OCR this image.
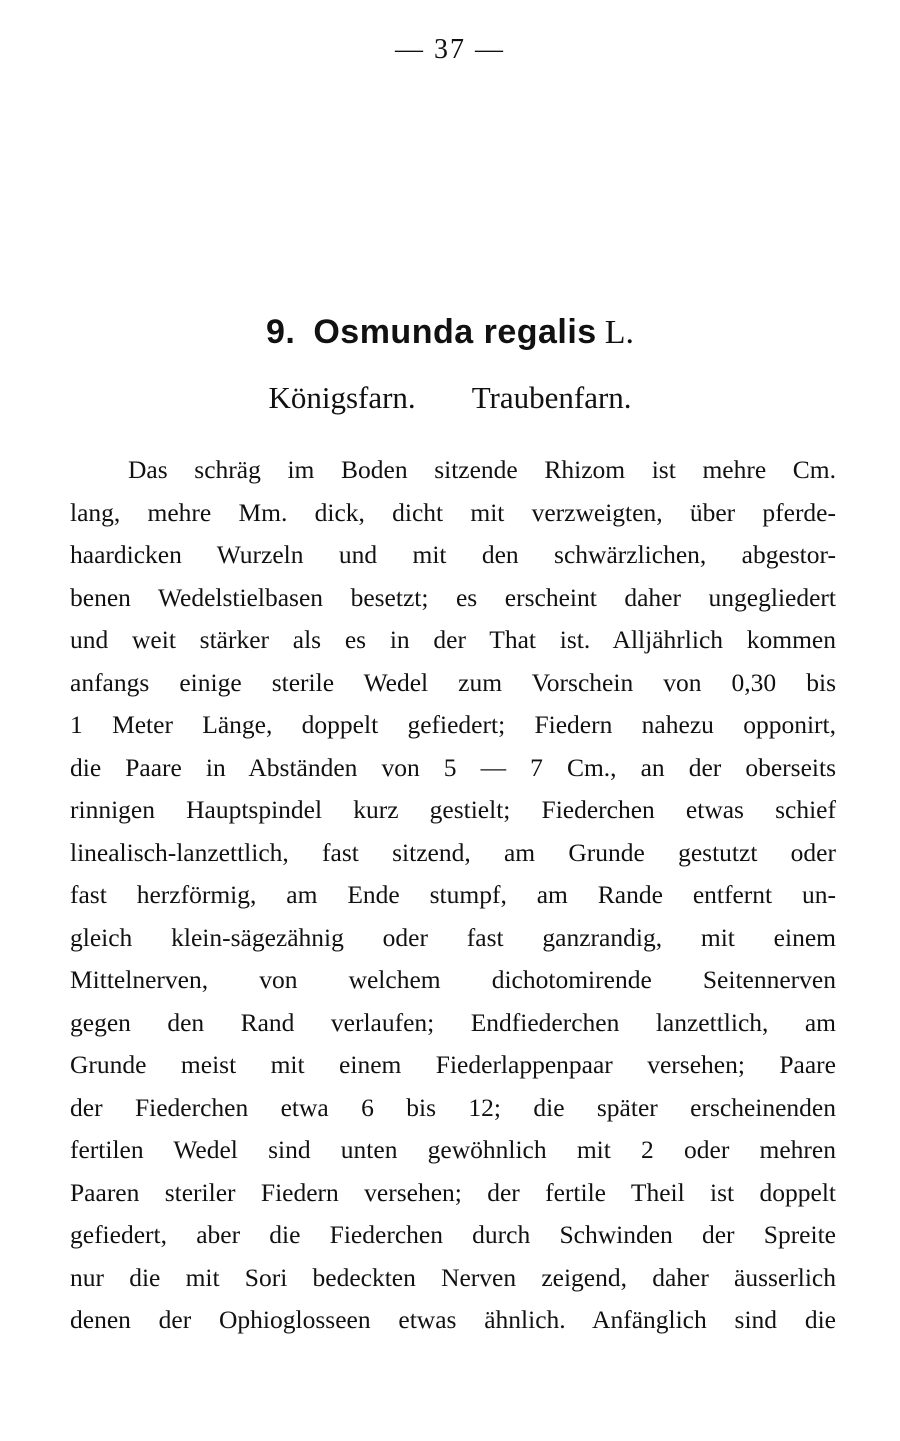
— 37 —
9. Osmunda regalis L.
Königsfarn. Traubenfarn.
Das schräg im Boden sitzende Rhizom ist mehre Cm.
lang, mehre Mm. dick, dicht mit verzweigten, über pferde-
haardicken Wurzeln und mit den schwärzlichen, abgestor-
benen Wedelstielbasen besetzt; es erscheint daher ungegliedert
und weit stärker als es in der That ist. Alljährlich kommen
anfangs einige sterile Wedel zum Vorschein von 0,30 bis
1 Meter Länge, doppelt gefiedert; Fiedern nahezu opponirt,
die Paare in Abständen von 5 — 7 Cm., an der oberseits
rinnigen Hauptspindel kurz gestielt; Fiederchen etwas schief
linealisch-lanzettlich, fast sitzend, am Grunde gestutzt oder
fast herzförmig, am Ende stumpf, am Rande entfernt un-
gleich klein-sägezähnig oder fast ganzrandig, mit einem
Mittelnerven, von welchem dichotomirende Seitennerven
gegen den Rand verlaufen; Endfiederchen lanzettlich, am
Grunde meist mit einem Fiederlappenpaar versehen; Paare
der Fiederchen etwa 6 bis 12; die später erscheinenden
fertilen Wedel sind unten gewöhnlich mit 2 oder mehren
Paaren steriler Fiedern versehen; der fertile Theil ist doppelt
gefiedert, aber die Fiederchen durch Schwinden der Spreite
nur die mit Sori bedeckten Nerven zeigend, daher äusserlich
denen der Ophioglosseen etwas ähnlich. Anfänglich sind die
